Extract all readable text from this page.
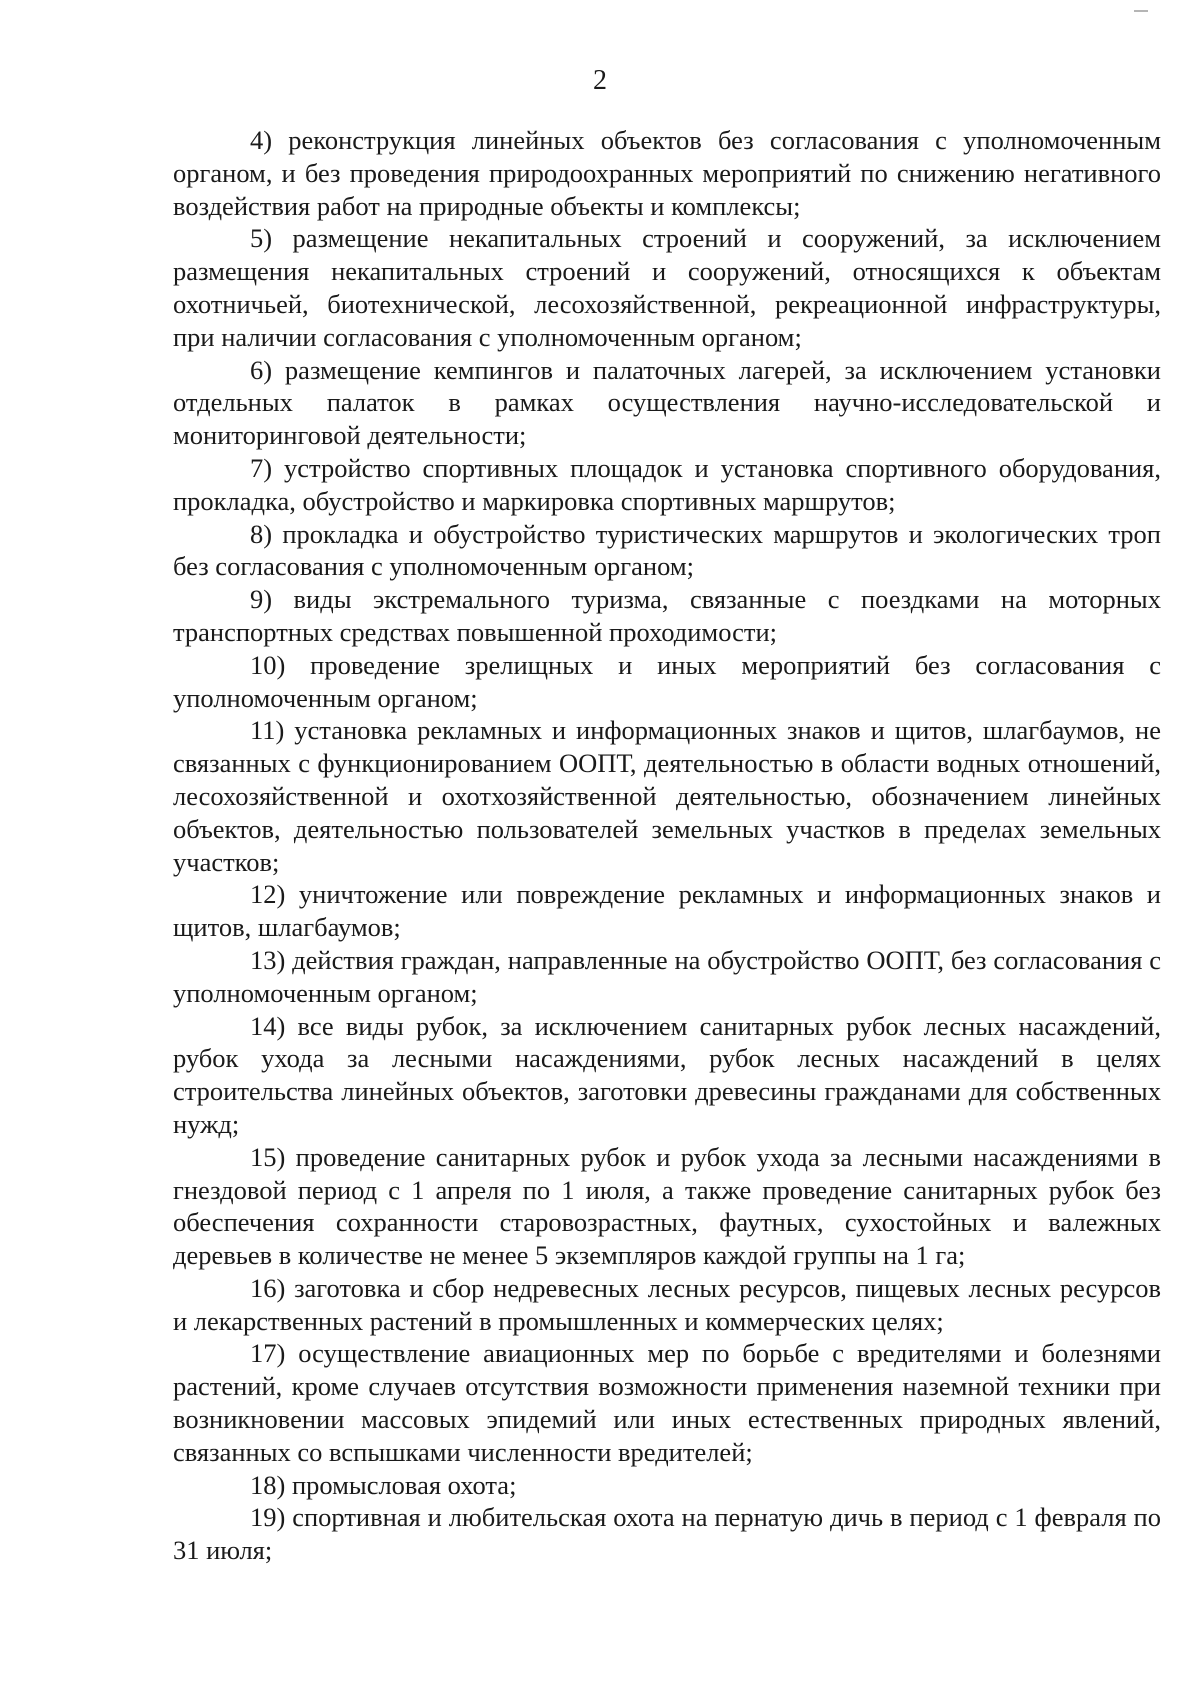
2

4) реконструкция линейных объектов без согласования с уполномоченным органом, и без проведения природоохранных мероприятий по снижению негативного воздействия работ на природные объекты и комплексы;

5) размещение некапитальных строений и сооружений, за исключением размещения некапитальных строений и сооружений, относящихся к объектам охотничьей, биотехнической, лесохозяйственной, рекреационной инфраструктуры, при наличии согласования с уполномоченным органом;

6) размещение кемпингов и палаточных лагерей, за исключением установки отдельных палаток в рамках осуществления научно-исследовательской и мониторинговой деятельности;

7) устройство спортивных площадок и установка спортивного оборудования, прокладка, обустройство и маркировка спортивных маршрутов;

8) прокладка и обустройство туристических маршрутов и экологических троп без согласования с уполномоченным органом;

9) виды экстремального туризма, связанные с поездками на моторных транспортных средствах повышенной проходимости;

10) проведение зрелищных и иных мероприятий без согласования с уполномоченным органом;

11) установка рекламных и информационных знаков и щитов, шлагбаумов, не связанных с функционированием ООПТ, деятельностью в области водных отношений, лесохозяйственной и охотхозяйственной деятельностью, обозначением линейных объектов, деятельностью пользователей земельных участков в пределах земельных участков;

12) уничтожение или повреждение рекламных и информационных знаков и щитов, шлагбаумов;

13) действия граждан, направленные на обустройство ООПТ, без согласования с уполномоченным органом;

14) все виды рубок, за исключением санитарных рубок лесных насаждений, рубок ухода за лесными насаждениями, рубок лесных насаждений в целях строительства линейных объектов, заготовки древесины гражданами для собственных нужд;

15) проведение санитарных рубок и рубок ухода за лесными насаждениями в гнездовой период с 1 апреля по 1 июля, а также проведение санитарных рубок без обеспечения сохранности старовозрастных, фаутных, сухостойных и валежных деревьев в количестве не менее 5 экземпляров каждой группы на 1 га;

16) заготовка и сбор недревесных лесных ресурсов, пищевых лесных ресурсов и лекарственных растений в промышленных и коммерческих целях;

17) осуществление авиационных мер по борьбе с вредителями и болезнями растений, кроме случаев отсутствия возможности применения наземной техники при возникновении массовых эпидемий или иных естественных природных явлений, связанных со вспышками численности вредителей;

18) промысловая охота;

19) спортивная и любительская охота на пернатую дичь в период с 1 февраля по 31 июля;
